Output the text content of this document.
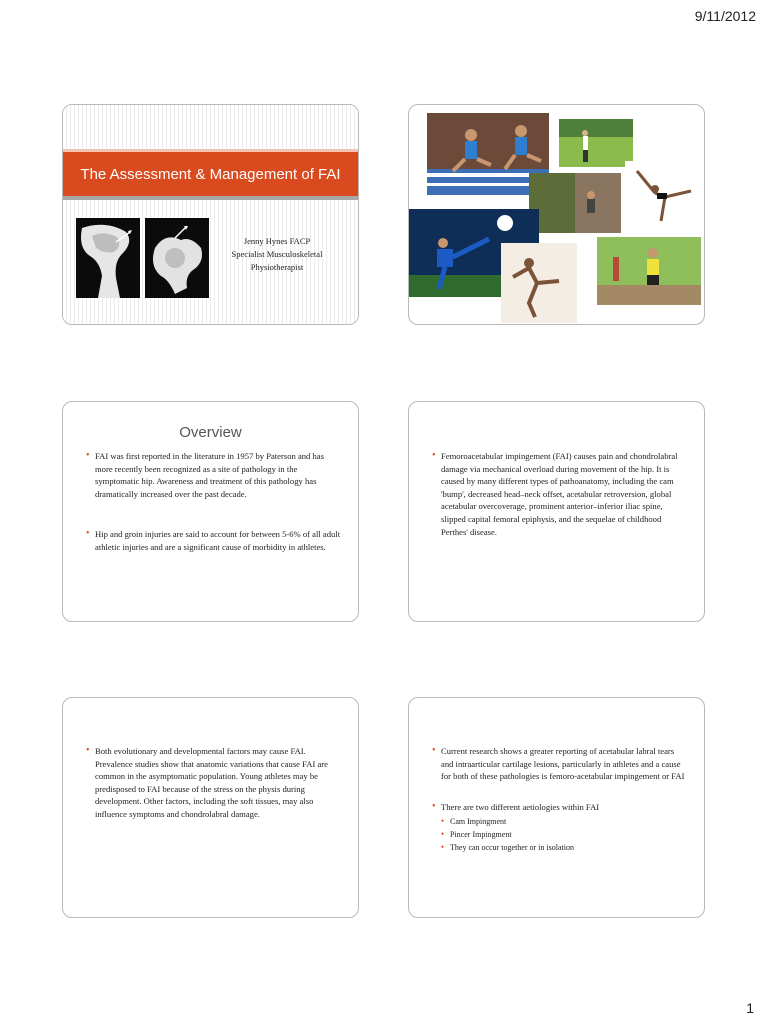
9/11/2012
The Assessment & Management of FAI
Jenny Hynes FACP
Specialist Musculoskeletal
Physiotherapist
Overview
• FAI was first reported in the literature in 1957 by Paterson and has more recently been recognized as a site of pathology in the symptomatic hip. Awareness and treatment of this pathology has dramatically increased over the past decade.
• Hip and groin injuries are said to account for between 5-6% of all adult athletic injuries and are a significant cause of morbidity in athletes.
• Femoroacetabular impingement (FAI) causes pain and chondrolabral damage via mechanical overload during movement of the hip. It is caused by many different types of pathoanatomy, including the cam 'bump', decreased head–neck offset, acetabular retroversion, global acetabular overcoverage, prominent anterior–inferior iliac spine, slipped capital femoral epiphysis, and the sequelae of childhood Perthes' disease.
• Both evolutionary and developmental factors may cause FAI. Prevalence studies show that anatomic variations that cause FAI are common in the asymptomatic population. Young athletes may be predisposed to FAI because of the stress on the physis during development. Other factors, including the soft tissues, may also influence symptoms and chondrolabral damage.
• Current research shows a greater reporting of acetabular labral tears and intraarticular cartilage lesions, particularly in athletes and a cause for both of these pathologies is femoro-acetabular impingement or FAI
• There are two different aetiologies within FAI
• Cam Impingment
• Pincer Impingment
• They can occur together or in isolation
1
